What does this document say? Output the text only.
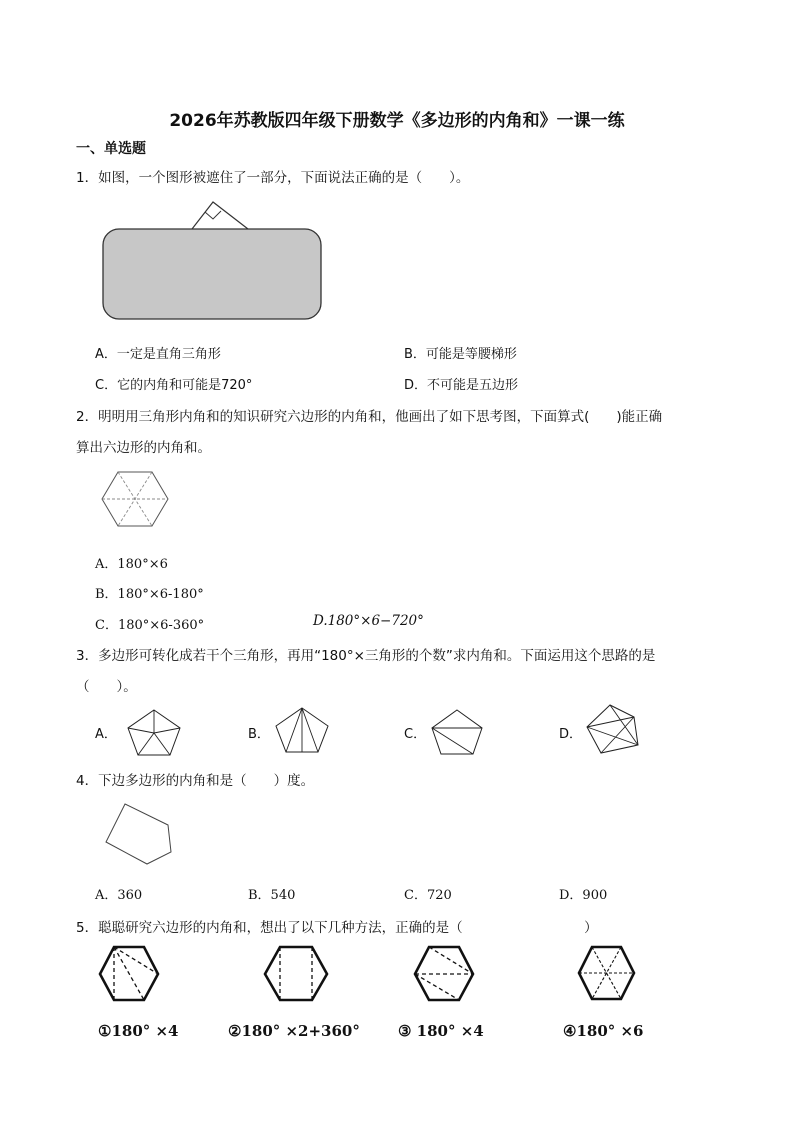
2026年苏教版四年级下册数学《多边形的内角和》一课一练
一、单选题
1．如图，一个图形被遮住了一部分，下面说法正确的是（　　）。
A．一定是直角三角形	B．可能是等腰梯形
C．它的内角和可能是720°	D．不可能是五边形
2．明明用三角形内角和的知识研究六边形的内角和，他画出了如下思考图，下面算式(　　)能正确
算出六边形的内角和。
A．180°×6
B．180°×6-180°
C．180°×6-360°	D.180°×6−720°
3．多边形可转化成若干个三角形，再用“180°×三角形的个数”求内角和。下面运用这个思路的是
（　　）。
A．	B．	C．	D．
4．下边多边形的内角和是（　　）度。
A．360	B．540	C．720	D．900
5．聪聪研究六边形的内角和，想出了以下几种方法，正确的是（　　　　　　　　　）
①180° ×4	②180° ×2+360°	③ 180° ×4	④180° ×6
